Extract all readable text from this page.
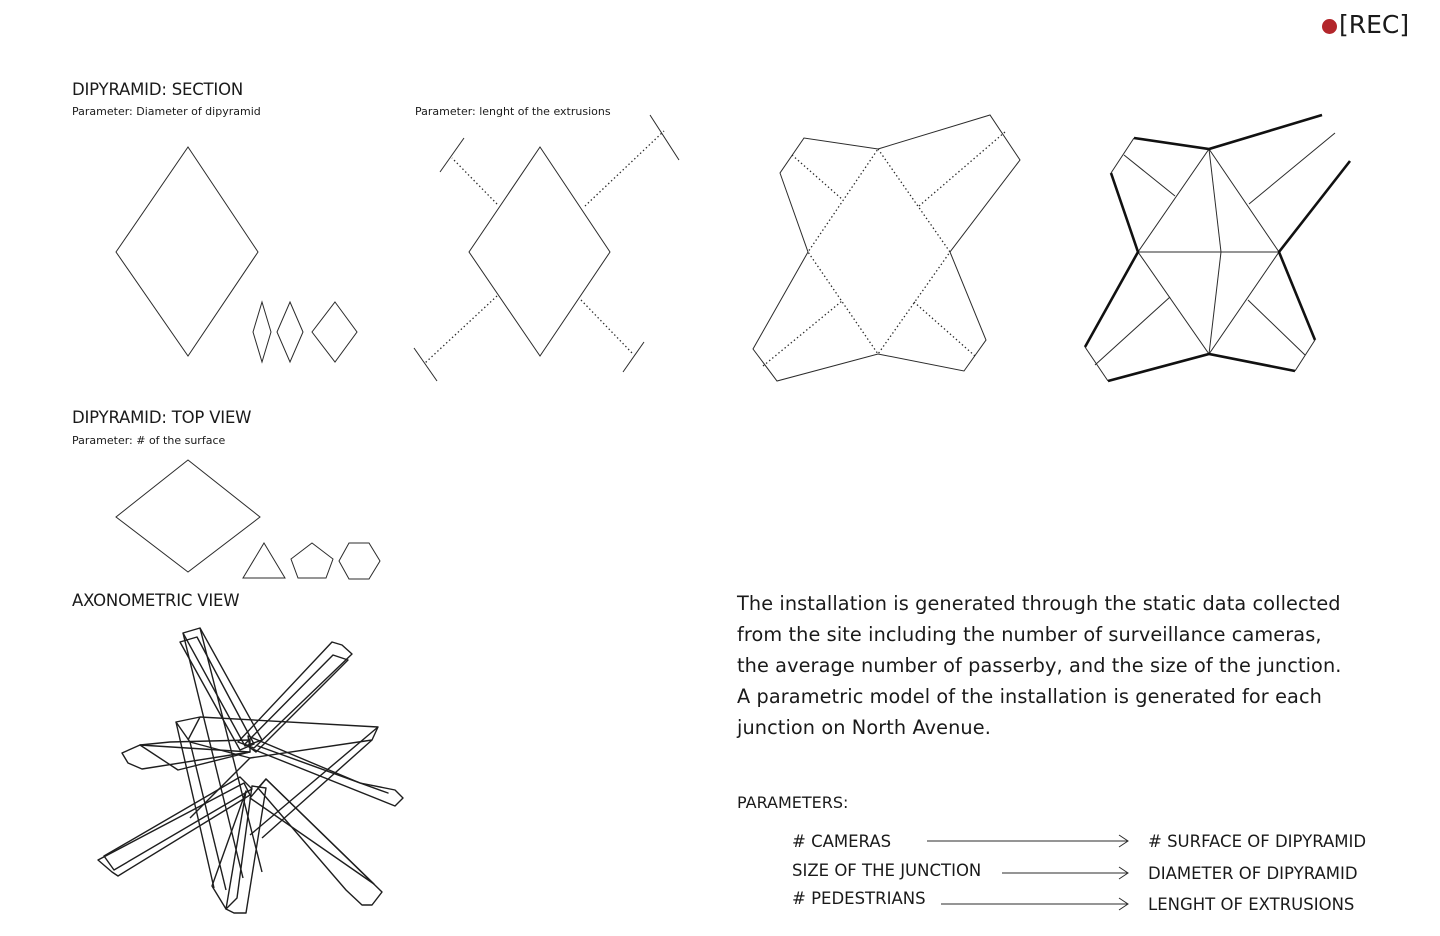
[REC]
DIPYRAMID: SECTION
Parameter: Diameter of dipyramid	Parameter: lenght of the extrusions
DIPYRAMID: TOP VIEW
Parameter: # of the surface
AXONOMETRIC VIEW	The installation is generated through the static data collected
from the site including the number of surveillance cameras,
the average number of passerby, and the size of the junction.
A parametric model of the installation is generated for each
junction on North Avenue.
PARAMETERS:
# CAMERAS	# SURFACE OF DIPYRAMID
SIZE OF THE JUNCTION	DIAMETER OF DIPYRAMID
# PEDESTRIANS	LENGHT OF EXTRUSIONS
